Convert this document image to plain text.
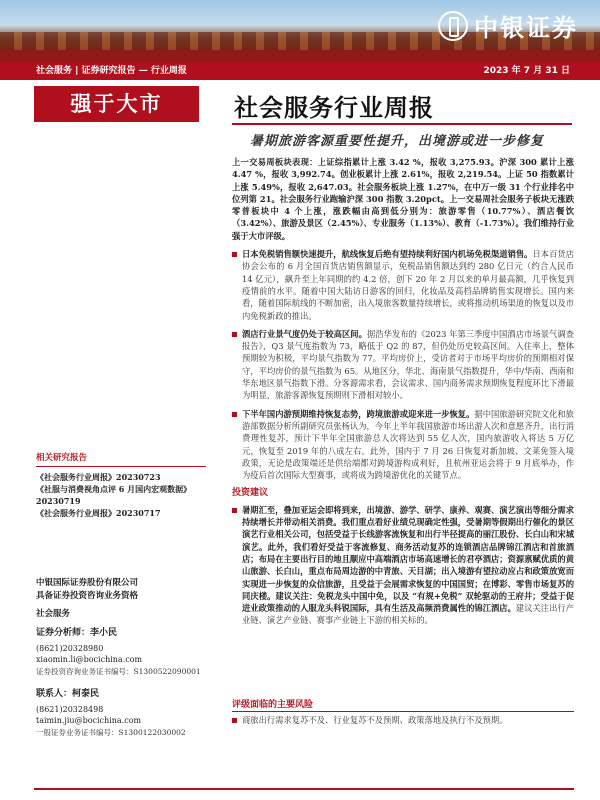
中银证券
社会服务 | 证券研究报告 — 行业周报	2023 年 7 月 31 日
强于大市	社会服务行业周报
暑期旅游客源重要性提升，出境游或进一步修复

上一交易周板块表现：上证综指累计上涨 3.42 %，报收 3,275.93。沪深 300 累计上涨 4.47 %，报收 3,992.74。创业板累计上涨 2.61%，报收 2,219.54。上证 50 指数累计上涨 5.49%，报收 2,647.03。社会服务板块上涨 1.27%，在中万一级 31 个行业排名中位列第 21。社会服务行业跑输沪深 300 指数 3.20pct。上一交易周社会服务子板块无涨跌零普板块中 4 个上涨，涨跌幅由高到低分别为：旅游零售（10.77%）、酒店餐饮（3.42%）、旅游及景区（2.45%）、专业服务（1.13%）、教育（-1.73%）。我们维持行业强于大市评级。

日本免税销售额快速提升，航线恢复后绝有望持续利好国内机场免税渠道销售。日本百货店协会公布的 6 月全国百货店销售额显示，免税品销售额达到约 280 亿日元（约合人民币 14 亿元），飙升至上年同期的约 4.2 倍，创下 20 年 2 月以来的单月最高额，几乎恢复到疫情前的水平。随着中国大陆访日游客的回归，化妆品及高档品牌销售实现增长。国内来看，随着国际航线的不断加密，出入境旅客数量持续增长，或将推动机场渠道的恢复以及市内免税新政的推出。

酒店行业景气度仍处于较高区间。据浩华发布的《2023 年第三季度中国酒店市场景气调查报告》，Q3 景气度指数为 73，略低于 Q2 的 87，但仍处历史较高区间。入住率上，整体预期较为积极，平均景气指数为 77。平均房价上，受访者对于市场平均房价的预期相对保守，平均房价的景气指数为 65。从地区分，华北、海南景气指数提升，华中/华南、西南和华东地区景气指数下滑。分客源需求看，会议需求、国内商务需求预期恢复程度环比下滑最为明显，旅游客源恢复预期则下滑相对较小。

下半年国内游预期维持恢复态势，跨境旅游或迎来进一步恢复。据中国旅游研究院文化和旅游部数据分析所副研究员张杨认为，今年上半年我国旅游市场出游人次和意愿齐升，出行消费理性复苏，预计下半年全国旅游总人次将达到 55 亿人次，国内旅游收入将达 5 万亿元，恢复至 2019 年的八成左右。此外，国内于 7 月 26 日恢复对新加坡、文莱免签入境政策，无论是政策端还是供给端都对跨境游构成利好，且杭州亚运会将于 9 月底举办，作为疫后首次国际大型赛事，或将成为跨境游优化的关键节点。

投资建议

暑期汇至，叠加亚运会即将到来，出境游、游学、研学、康养、观赛、演艺演出等细分需求持续增长并带动相关消费。我们重点看好业绩兑现确定性强，受暑期等假期出行催化的景区演艺行业相关公司，包括受益于长线游客流恢复和出行半径提高的丽江股份、长白山和宋城演艺。此外，我们看好受益于客流修复、商务活动复苏的连锁酒店品牌锦江酒店和首旅酒店；布局在主要出行目的地且顺应中高端酒店市场高速增长的君亭酒店；资源禀赋优质的黄山旅游、长白山，重点布局周边游的中青旅、天目湖；出入境游有望拉动应占和政策放宽而实现进一步恢复的众信旅游，且受益于会展需求恢复的中国国贸；在博彩、零售市场复苏的同庆楼。建议关注：免税龙头中国中免，以及 “有规+免税” 双轮驱动的王府井；受益于促进业政策推动的人服龙头科锐国际，具有生活及高频消费属性的锦江酒店。建议关注出行产业链、演艺产业链、赛事产业链上下游的相关标的。

评级面临的主要风险

商旅出行需求复苏不及、行业复苏不及预期、政策落地及执行不及预期。

相关研究报告
《社会服务行业周报》20230723
《社服与消费视角点评 6 月国内宏观数据》20230719
《社会服务行业周报》20230717
中银国际证券股份有限公司
具备证券投资咨询业务资格
社会服务
证券分析师：李小民
(8621)20328980
xiaomin.li@bocichina.com
证券投资咨询业务证书编号：S1300522090001
联系人：柯泰民
(8621)20328498
taimin.jiu@bocichina.com
一般证券业务证书编号：S1300122030002
